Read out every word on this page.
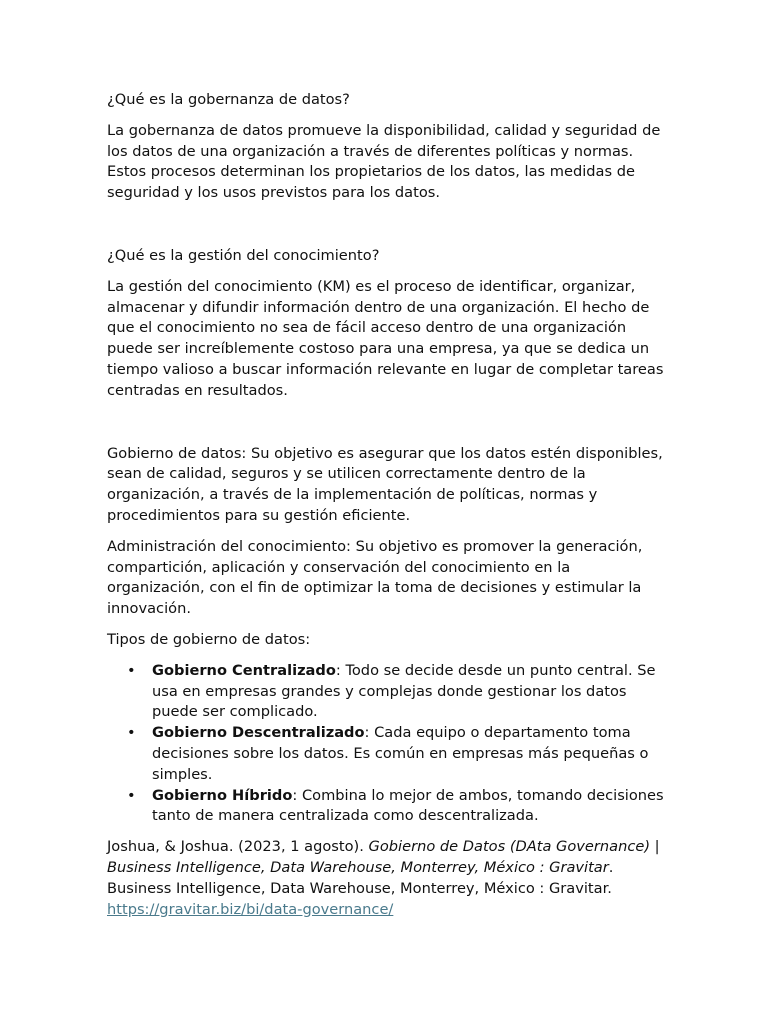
¿Qué es la gobernanza de datos?

La gobernanza de datos promueve la disponibilidad, calidad y seguridad de los datos de una organización a través de diferentes políticas y normas. Estos procesos determinan los propietarios de los datos, las medidas de seguridad y los usos previstos para los datos.

¿Qué es la gestión del conocimiento?

La gestión del conocimiento (KM) es el proceso de identificar, organizar, almacenar y difundir información dentro de una organización. El hecho de que el conocimiento no sea de fácil acceso dentro de una organización puede ser increíblemente costoso para una empresa, ya que se dedica un tiempo valioso a buscar información relevante en lugar de completar tareas centradas en resultados.

Gobierno de datos: Su objetivo es asegurar que los datos estén disponibles, sean de calidad, seguros y se utilicen correctamente dentro de la organización, a través de la implementación de políticas, normas y procedimientos para su gestión eficiente.

Administración del conocimiento: Su objetivo es promover la generación, compartición, aplicación y conservación del conocimiento en la organización, con el fin de optimizar la toma de decisiones y estimular la innovación.

Tipos de gobierno de datos:

• Gobierno Centralizado: Todo se decide desde un punto central. Se usa en empresas grandes y complejas donde gestionar los datos puede ser complicado.
• Gobierno Descentralizado: Cada equipo o departamento toma decisiones sobre los datos. Es común en empresas más pequeñas o simples.
• Gobierno Híbrido: Combina lo mejor de ambos, tomando decisiones tanto de manera centralizada como descentralizada.

Joshua, & Joshua. (2023, 1 agosto). Gobierno de Datos (DAta Governance) | Business Intelligence, Data Warehouse, Monterrey, México : Gravitar. Business Intelligence, Data Warehouse, Monterrey, México : Gravitar. https://gravitar.biz/bi/data-governance/
